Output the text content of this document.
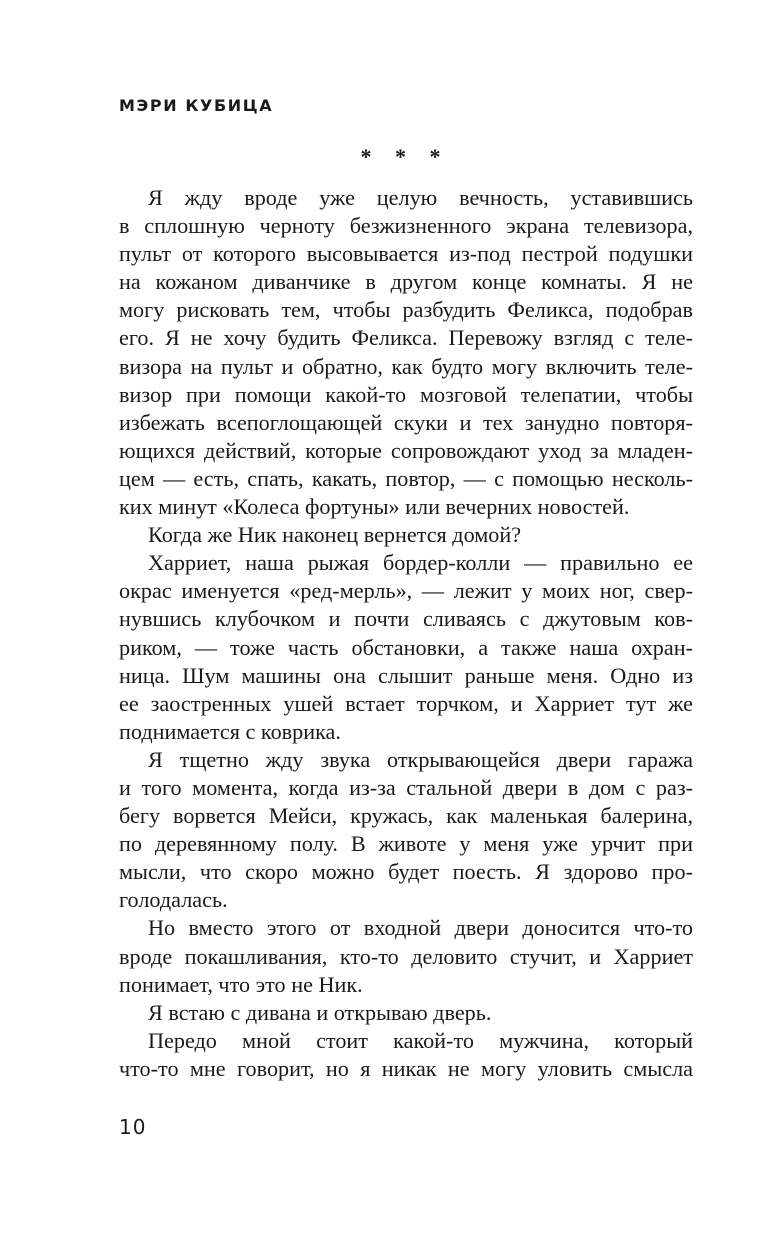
МЭРИ КУБИЦА
* * *
Я жду вроде уже целую вечность, уставившись
в сплошную черноту безжизненного экрана телевизора,
пульт от которого высовывается из-под пестрой подушки
на кожаном диванчике в другом конце комнаты. Я не
могу рисковать тем, чтобы разбудить Феликса, подобрав
его. Я не хочу будить Феликса. Перевожу взгляд с теле-
визора на пульт и обратно, как будто могу включить теле-
визор при помощи какой-то мозговой телепатии, чтобы
избежать всепоглощающей скуки и тех занудно повторя-
ющихся действий, которые сопровождают уход за младен-
цем — есть, спать, какать, повтор, — с помощью несколь-
ких минут «Колеса фортуны» или вечерних новостей.
Когда же Ник наконец вернется домой?
Харриет, наша рыжая бордер-колли — правильно ее
окрас именуется «ред-мерль», — лежит у моих ног, свер-
нувшись клубочком и почти сливаясь с джутовым ков-
риком, — тоже часть обстановки, а также наша охран-
ница. Шум машины она слышит раньше меня. Одно из
ее заостренных ушей встает торчком, и Харриет тут же
поднимается с коврика.
Я тщетно жду звука открывающейся двери гаража
и того момента, когда из-за стальной двери в дом с раз-
бегу ворвется Мейси, кружась, как маленькая балерина,
по деревянному полу. В животе у меня уже урчит при
мысли, что скоро можно будет поесть. Я здорово про-
голодалась.
Но вместо этого от входной двери доносится что-то
вроде покашливания, кто-то деловито стучит, и Харриет
понимает, что это не Ник.
Я встаю с дивана и открываю дверь.
Передо мной стоит какой-то мужчина, который
что-то мне говорит, но я никак не могу уловить смысла
10
